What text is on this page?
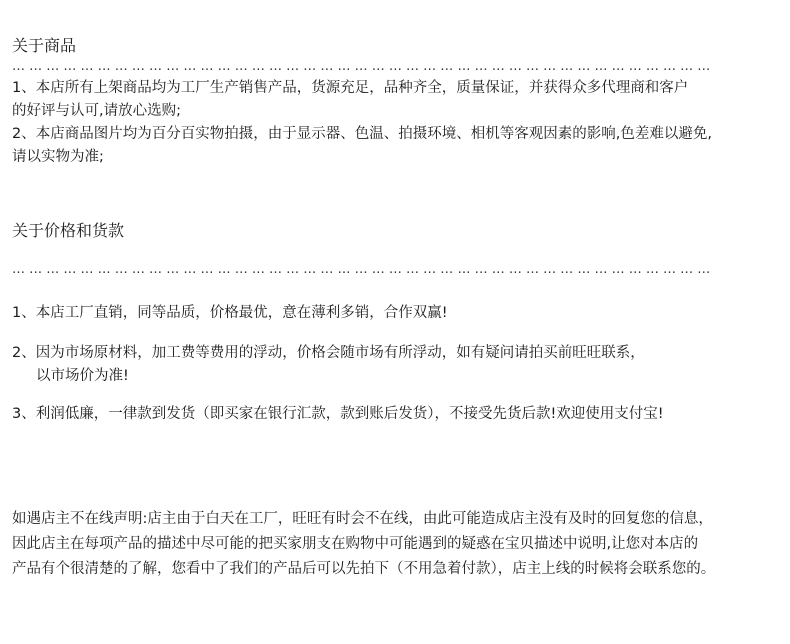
关于商品
… … … … … … … … … … … … … … … … … … … … … … … … … … … … … … … … … … … … … … … … …
1、本店所有上架商品均为工厂生产销售产品，货源充足，品种齐全，质量保证，并获得众多代理商和客户
的好评与认可,请放心选购;
2、本店商品图片均为百分百实物拍摄，由于显示器、色温、拍摄环境、相机等客观因素的影响,色差难以避免,
请以实物为准;
关于价格和货款
… … … … … … … … … … … … … … … … … … … … … … … … … … … … … … … … … … … … … … … … …
1、本店工厂直销，同等品质，价格最优，意在薄利多销，合作双赢!
2、因为市场原材料，加工费等费用的浮动，价格会随市场有所浮动，如有疑问请拍买前旺旺联系，
以市场价为准!
3、利润低廉，一律款到发货（即买家在银行汇款，款到账后发货），不接受先货后款!欢迎使用支付宝!
如遇店主不在线声明:店主由于白天在工厂，旺旺有时会不在线，由此可能造成店主没有及时的回复您的信息，
因此店主在每项产品的描述中尽可能的把买家朋支在购物中可能遇到的疑惑在宝贝描述中说明,让您对本店的
产品有个很清楚的了解，您看中了我们的产品后可以先拍下（不用急着付款），店主上线的时候将会联系您的。
